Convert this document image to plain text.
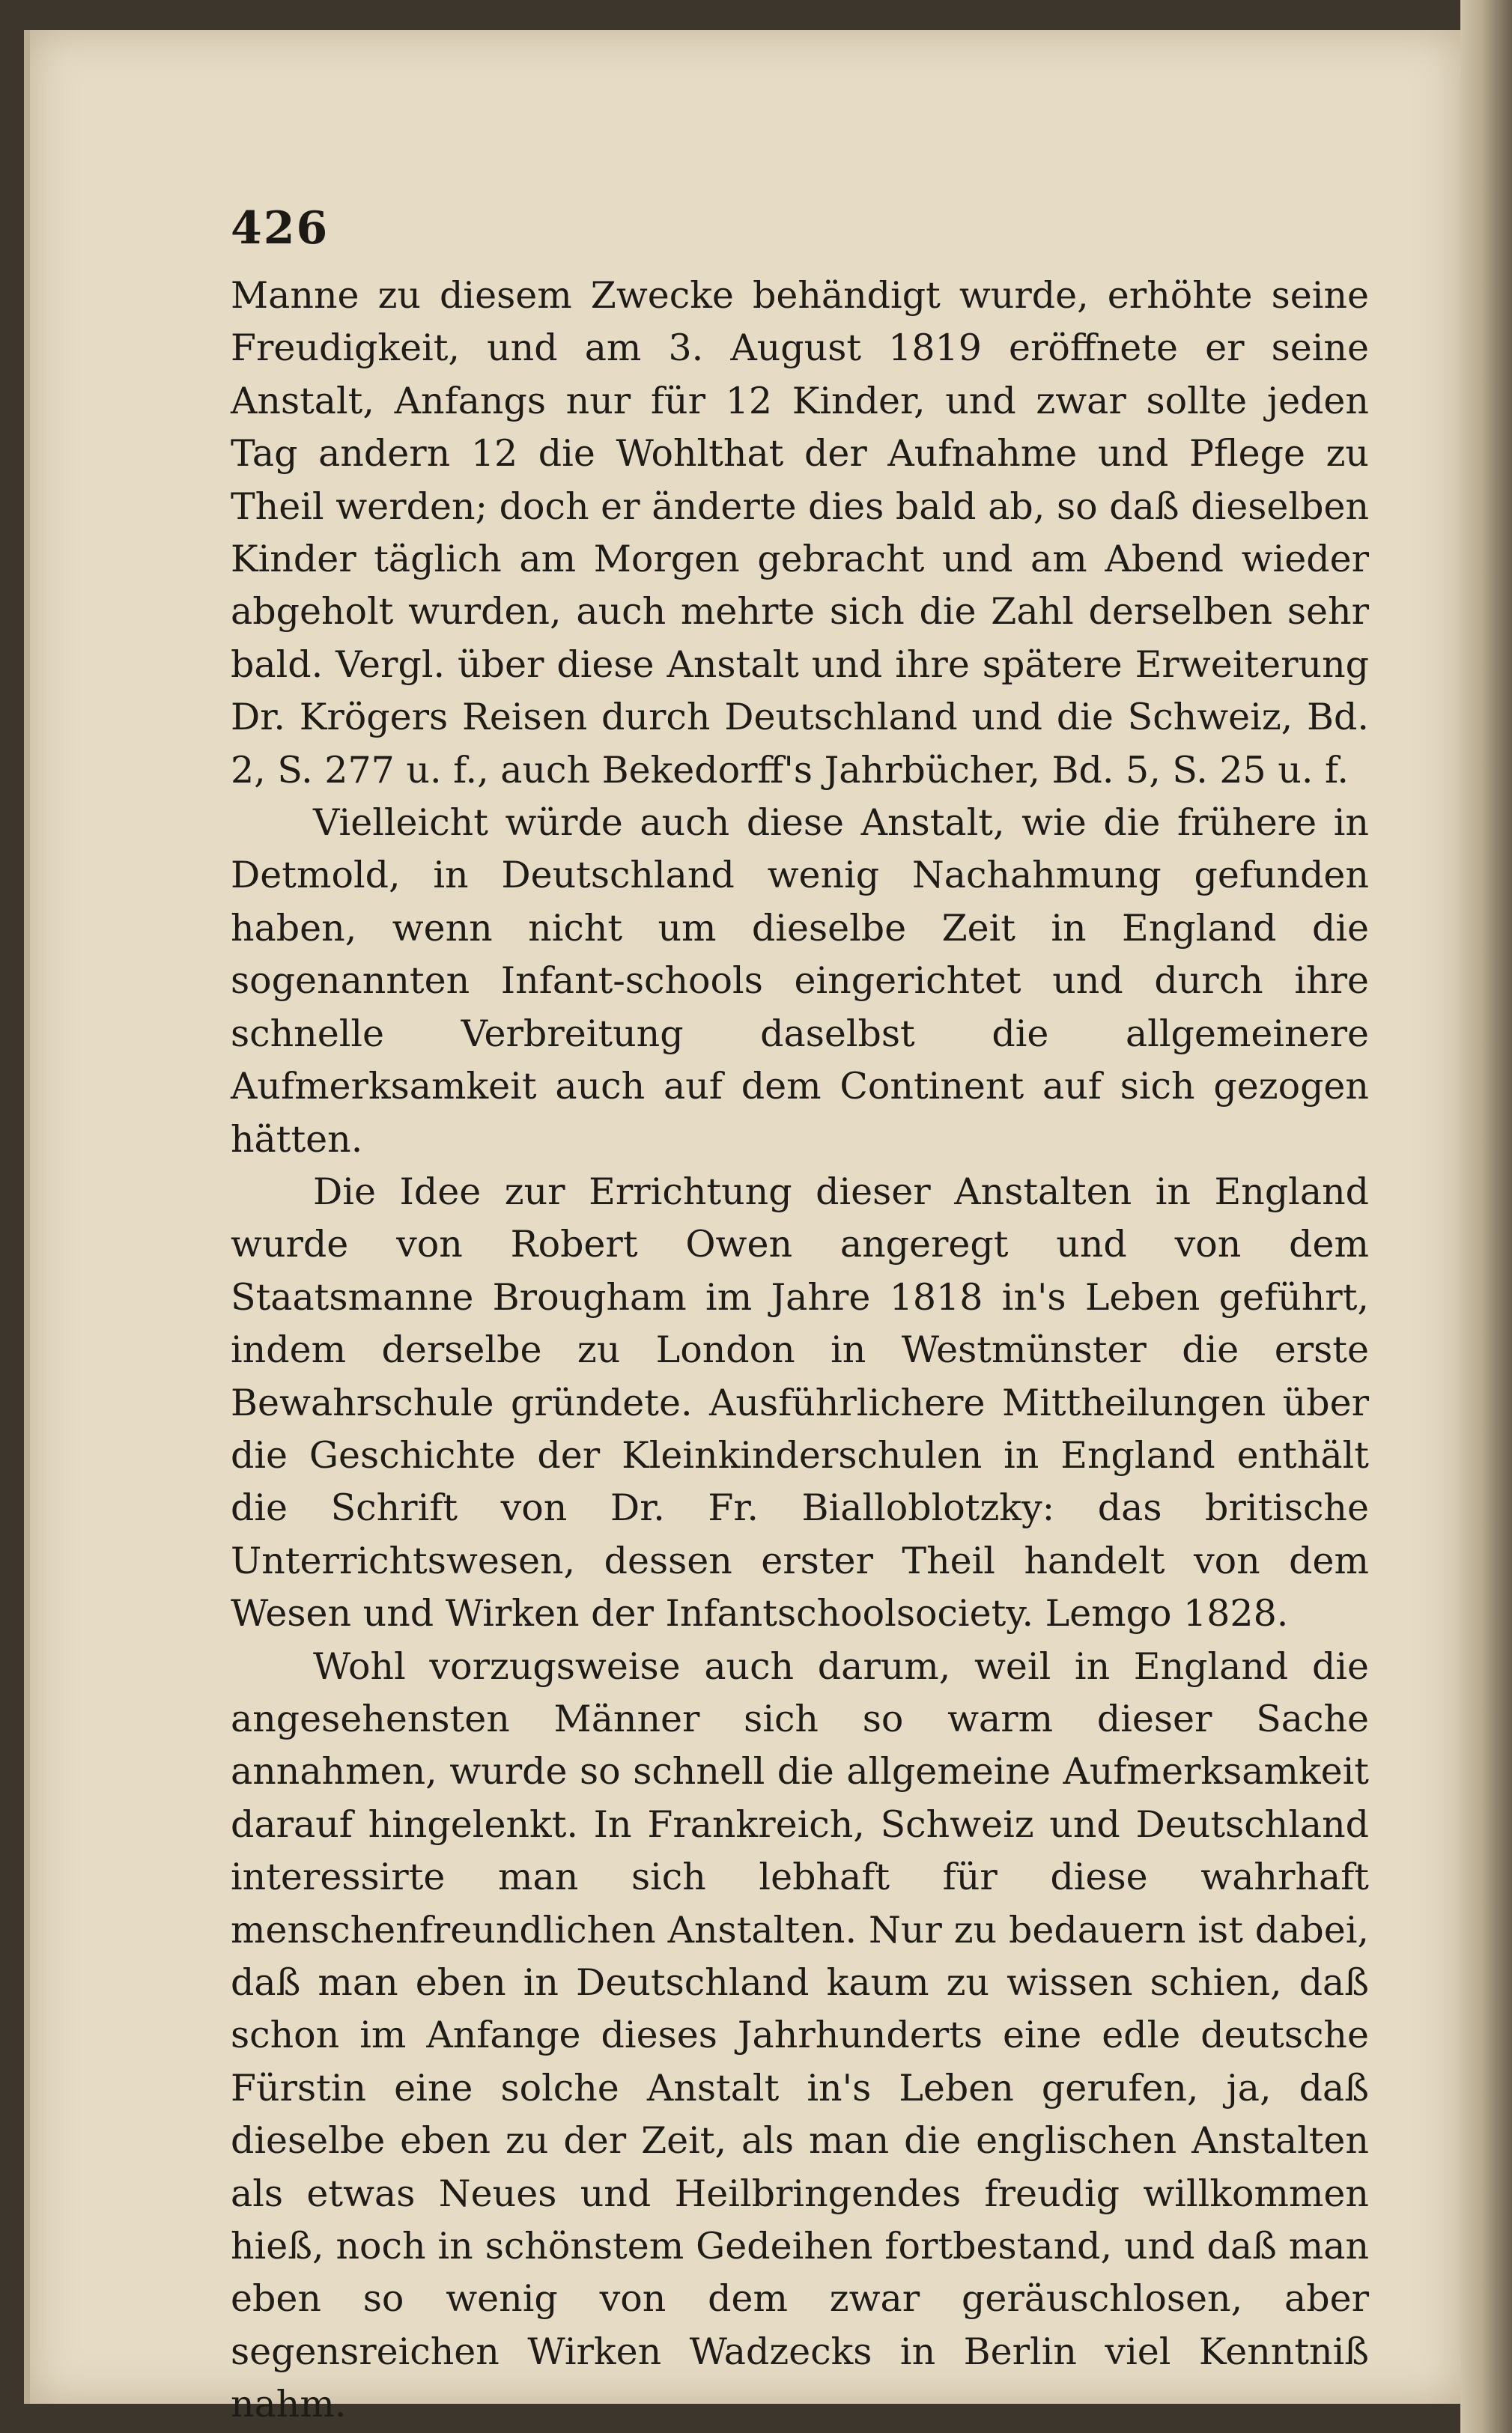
426

Manne zu diesem Zwecke behändigt wurde, erhöhte seine Freudigkeit, und am 3. August 1819 eröffnete er seine Anstalt, Anfangs nur für 12 Kinder, und zwar sollte jeden Tag andern 12 die Wohlthat der Aufnahme und Pflege zu Theil werden; doch er änderte dies bald ab, so daß dieselben Kinder täglich am Morgen gebracht und am Abend wieder abgeholt wurden, auch mehrte sich die Zahl derselben sehr bald. Vergl. über diese Anstalt und ihre spätere Erweiterung Dr. Krögers Reisen durch Deutschland und die Schweiz, Bd. 2, S. 277 u. f., auch Bekedorff's Jahrbücher, Bd. 5, S. 25 u. f.

Vielleicht würde auch diese Anstalt, wie die frühere in Detmold, in Deutschland wenig Nachahmung gefunden haben, wenn nicht um dieselbe Zeit in England die sogenannten Infant-schools eingerichtet und durch ihre schnelle Verbreitung daselbst die allgemeinere Aufmerksamkeit auch auf dem Continent auf sich gezogen hätten.

Die Idee zur Errichtung dieser Anstalten in England wurde von Robert Owen angeregt und von dem Staatsmanne Brougham im Jahre 1818 in's Leben geführt, indem derselbe zu London in Westmünster die erste Bewahrschule gründete. Ausführlichere Mittheilungen über die Geschichte der Kleinkinderschulen in England enthält die Schrift von Dr. Fr. Bialloblotzky: das britische Unterrichtswesen, dessen erster Theil handelt von dem Wesen und Wirken der Infantschoolsociety. Lemgo 1828.

Wohl vorzugsweise auch darum, weil in England die angesehensten Männer sich so warm dieser Sache annahmen, wurde so schnell die allgemeine Aufmerksamkeit darauf hingelenkt. In Frankreich, Schweiz und Deutschland interessirte man sich lebhaft für diese wahrhaft menschenfreundlichen Anstalten. Nur zu bedauern ist dabei, daß man eben in Deutschland kaum zu wissen schien, daß schon im Anfange dieses Jahrhunderts eine edle deutsche Fürstin eine solche Anstalt in's Leben gerufen, ja, daß dieselbe eben zu der Zeit, als man die englischen Anstalten als etwas Neues und Heilbringendes freudig willkommen hieß, noch in schönstem Gedeihen fortbestand, und daß man eben so wenig von dem zwar geräuschlosen, aber segensreichen Wirken Wadzecks in Berlin viel Kenntniß nahm.
